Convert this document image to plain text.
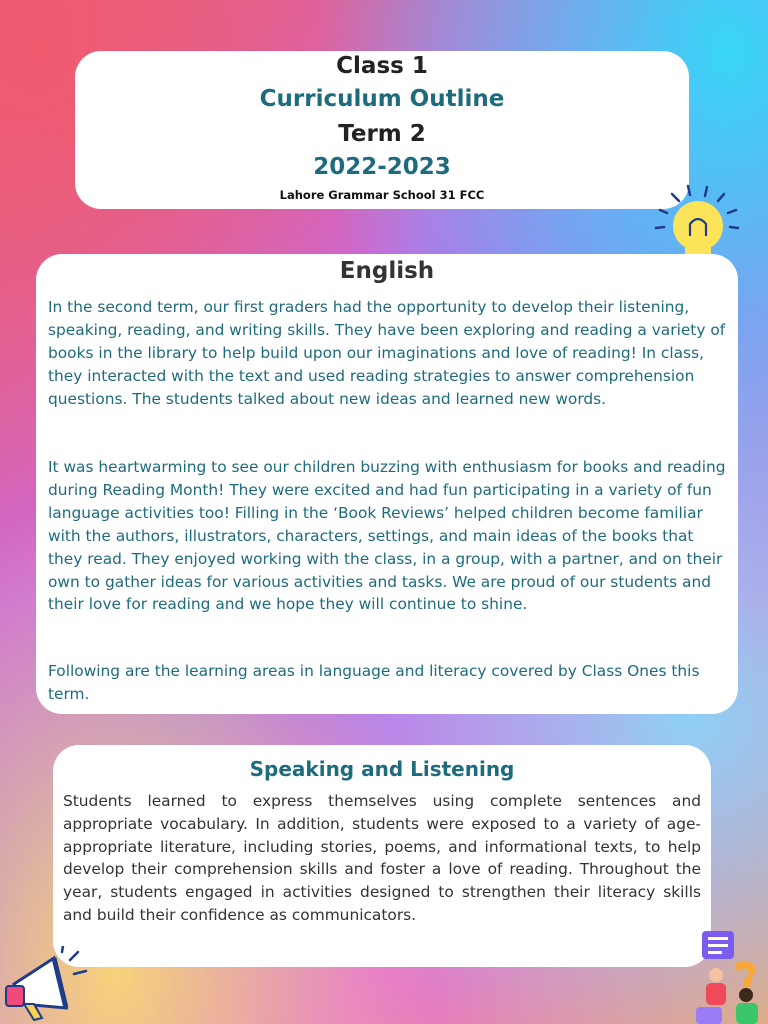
Class 1

Curriculum Outline

Term 2

2022-2023

Lahore Grammar School 31 FCC

English

In the second term, our first graders had the opportunity to develop their listening, speaking, reading, and writing skills. They have been exploring and reading a variety of books in the library to help build upon our imaginations and love of reading! In class, they interacted with the text and used reading strategies to answer comprehension questions. The students talked about new ideas and learned new words.

It was heartwarming to see our children buzzing with enthusiasm for books and reading during Reading Month! They were excited and had fun participating in a variety of fun language activities too! Filling in the ‘Book Reviews’ helped children become familiar with the authors, illustrators, characters, settings, and main ideas of the books that they read. They enjoyed working with the class, in a group, with a partner, and on their own to gather ideas for various activities and tasks. We are proud of our students and their love for reading and we hope they will continue to shine.

Following are the learning areas in language and literacy covered by Class Ones this term.

Speaking and Listening

Students learned to express themselves using complete sentences and appropriate vocabulary. In addition, students were exposed to a variety of age-appropriate literature, including stories, poems, and informational texts, to help develop their comprehension skills and foster a love of reading. Throughout the year, students engaged in activities designed to strengthen their literacy skills and build their confidence as communicators.
